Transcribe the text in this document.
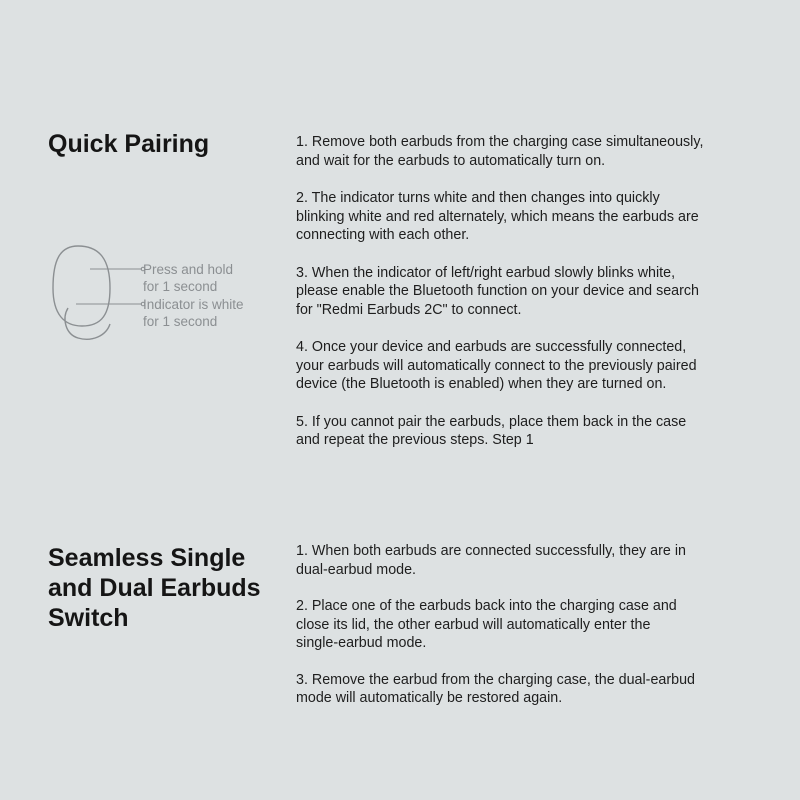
Quick Pairing	1. Remove both earbuds from the charging case simultaneously,
and wait for the earbuds to automatically turn on.
2. The indicator turns white and then changes into quickly
blinking white and red alternately, which means the earbuds are
connecting with each other.
3. When the indicator of left/right earbud slowly blinks white,
please enable the Bluetooth function on your device and search
for "Redmi Earbuds 2C" to connect.
4. Once your device and earbuds are successfully connected,
your earbuds will automatically connect to the previously paired
device (the Bluetooth is enabled) when they are turned on.
5. If you cannot pair the earbuds, place them back in the case
and repeat the previous steps. Step 1
Press and hold
for 1 second
Indicator is white
for 1 second
Seamless Single and Dual Earbuds Switch
1. When both earbuds are connected successfully, they are in
dual-earbud mode.
2. Place one of the earbuds back into the charging case and
close its lid, the other earbud will automatically enter the
single-earbud mode.
3. Remove the earbud from the charging case, the dual-earbud
mode will automatically be restored again.
